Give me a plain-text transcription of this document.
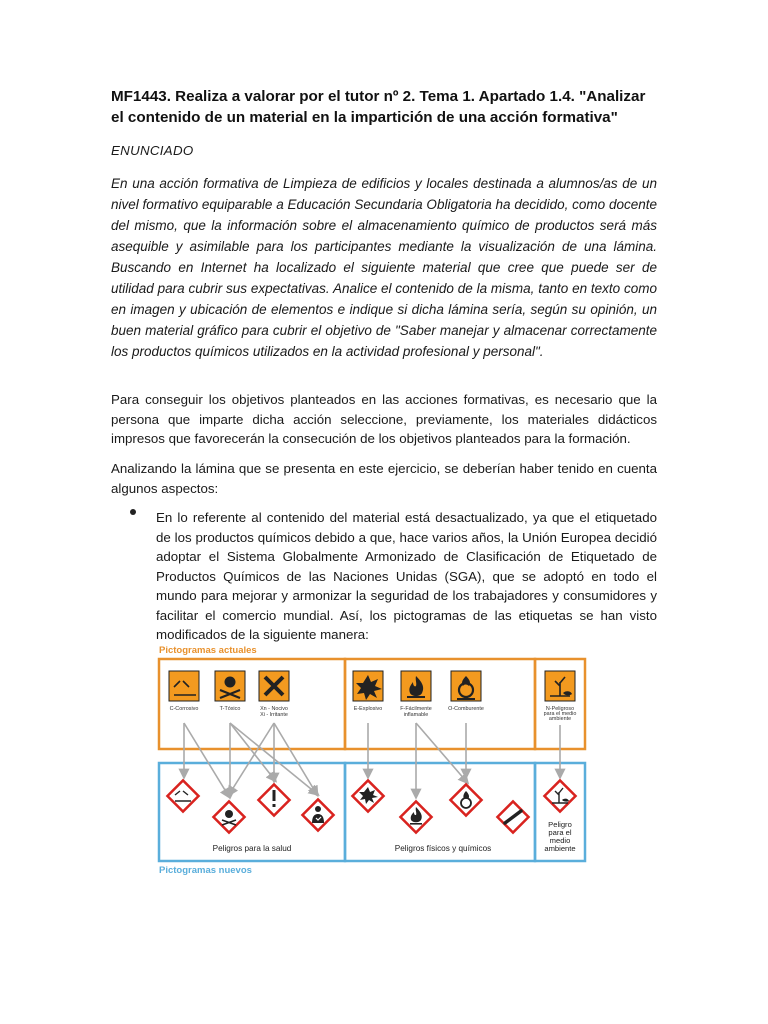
MF1443. Realiza a valorar por el tutor nº 2. Tema 1. Apartado 1.4. "Analizar el contenido de un material en la impartición de una acción formativa"
ENUNCIADO
En una acción formativa de Limpieza de edificios y locales destinada a alumnos/as de un nivel formativo equiparable a Educación Secundaria Obligatoria ha decidido, como docente del mismo, que la información sobre el almacenamiento químico de productos será más asequible y asimilable para los participantes mediante la visualización de una lámina. Buscando en Internet ha localizado el siguiente material que cree que puede ser de utilidad para cubrir sus expectativas. Analice el contenido de la misma, tanto en texto como en imagen y ubicación de elementos e indique si dicha lámina sería, según su opinión, un buen material gráfico para cubrir el objetivo de "Saber manejar y almacenar correctamente los productos químicos utilizados en la actividad profesional y personal".
Para conseguir los objetivos planteados en las acciones formativas, es necesario que la persona que imparte dicha acción seleccione, previamente, los materiales didácticos impresos que favorecerán la consecución de los objetivos planteados para la formación.
Analizando la lámina que se presenta en este ejercicio, se deberían haber tenido en cuenta algunos aspectos:
En lo referente al contenido del material está desactualizado, ya que el etiquetado de los productos químicos debido a que, hace varios años, la Unión Europea decidió adoptar el Sistema Globalmente Armonizado de Clasificación de Etiquetado de Productos Químicos de las Naciones Unidas (SGA), que se adoptó en todo el mundo para mejorar y armonizar la seguridad de los trabajadores y consumidores y facilitar el comercio mundial. Así, los pictogramas de las etiquetas se han visto modificados de la siguiente manera:
Pictogramas actuales
Pictogramas nuevos
C-Corrosivo	T-Tóxico	Xn - Nocivo
Xi - Irritante
E-Explosivo	F-Fácilmente
inflamable
O-Comburente	N-Peligroso
para el medio
ambiente
Peligros para la salud	Peligros físicos y químicos
Peligro
para el
medio
ambiente
